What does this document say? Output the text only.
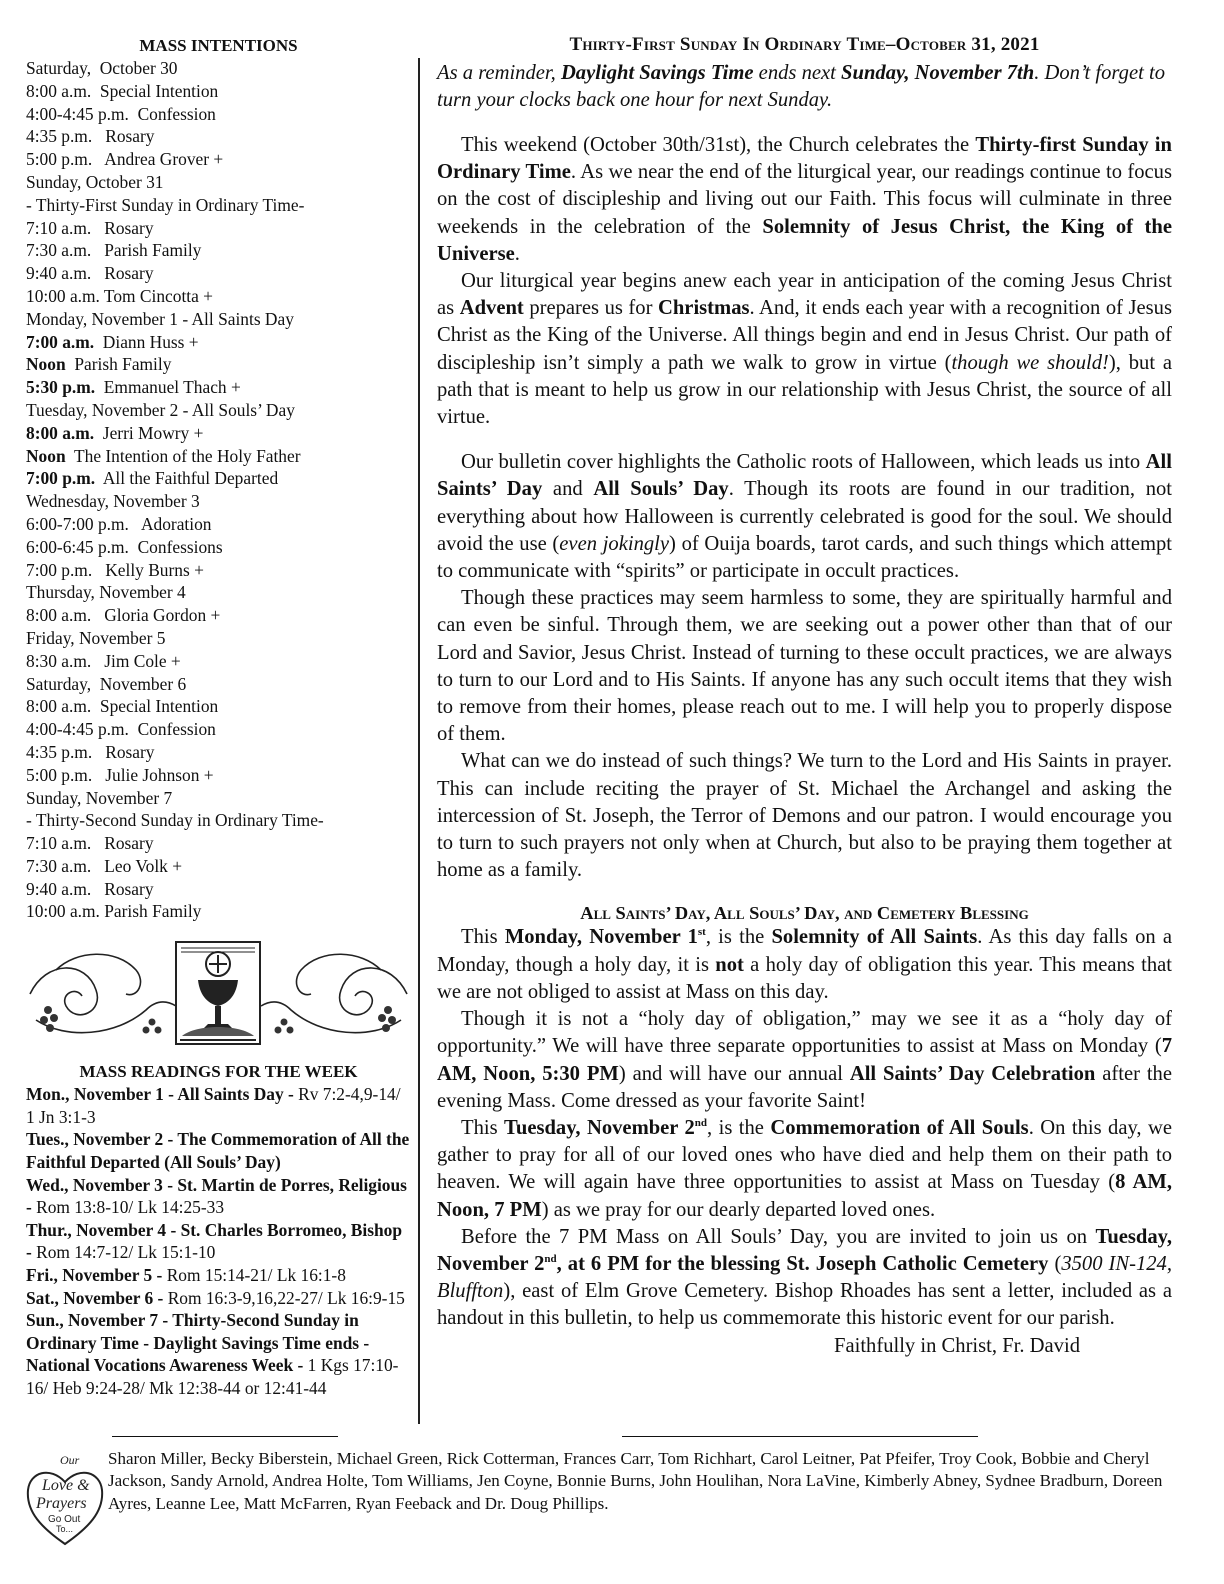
MASS INTENTIONS
Saturday,  October 30
8:00 a.m.  Special Intention
4:00-4:45 p.m.  Confession
4:35 p.m.   Rosary
5:00 p.m.   Andrea Grover +
Sunday, October 31
- Thirty-First Sunday in Ordinary Time-
7:10 a.m.   Rosary
7:30 a.m.   Parish Family
9:40 a.m.   Rosary
10:00 a.m. Tom Cincotta +
Monday, November 1 - All Saints Day
7:00 a.m.  Diann Huss +
Noon  Parish Family
5:30 p.m.  Emmanuel Thach +
Tuesday, November 2 - All Souls’ Day
8:00 a.m.  Jerri Mowry +
Noon  The Intention of the Holy Father
7:00 p.m.  All the Faithful Departed
Wednesday, November 3
6:00-7:00 p.m.   Adoration
6:00-6:45 p.m.  Confessions
7:00 p.m.   Kelly Burns +
Thursday, November 4
8:00 a.m.   Gloria Gordon +
Friday, November 5
8:30 a.m.   Jim Cole +
Saturday,  November 6
8:00 a.m.  Special Intention
4:00-4:45 p.m.  Confession
4:35 p.m.   Rosary
5:00 p.m.   Julie Johnson +
Sunday, November 7
- Thirty-Second Sunday in Ordinary Time-
7:10 a.m.   Rosary
7:30 a.m.   Leo Volk +
9:40 a.m.   Rosary
10:00 a.m. Parish Family
MASS READINGS FOR THE WEEK
Mon., November 1 - All Saints Day - Rv 7:2-4,9-14/ 1 Jn 3:1-3
Tues., November 2 - The Commemoration of All the Faithful Departed (All Souls’ Day)
Wed., November 3 - St. Martin de Porres, Religious - Rom 13:8-10/ Lk 14:25-33
Thur., November 4 - St. Charles Borromeo, Bishop - Rom 14:7-12/ Lk 15:1-10
Fri., November 5 - Rom 15:14-21/ Lk 16:1-8
Sat., November 6 - Rom 16:3-9,16,22-27/ Lk 16:9-15
Sun., November 7 - Thirty-Second Sunday in Ordinary Time - Daylight Savings Time ends - National Vocations Awareness Week - 1 Kgs 17:10-16/ Heb 9:24-28/ Mk 12:38-44 or 12:41-44
Thirty-First Sunday In Ordinary Time–October 31, 2021
As a reminder, Daylight Savings Time ends next Sunday, November 7th. Don’t forget to turn your clocks back one hour for next Sunday.

This weekend (October 30th/31st), the Church celebrates the Thirty-first Sunday in Ordinary Time. As we near the end of the liturgical year, our readings continue to focus on the cost of discipleship and living out our Faith. This focus will culminate in three weekends in the celebration of the Solemnity of Jesus Christ, the King of the Universe.

Our liturgical year begins anew each year in anticipation of the coming Jesus Christ as Advent prepares us for Christmas. And, it ends each year with a recognition of Jesus Christ as the King of the Universe. All things begin and end in Jesus Christ. Our path of discipleship isn’t simply a path we walk to grow in virtue (though we should!), but a path that is meant to help us grow in our relationship with Jesus Christ, the source of all virtue.

Our bulletin cover highlights the Catholic roots of Halloween, which leads us into All Saints’ Day and All Souls’ Day. Though its roots are found in our tradition, not everything about how Halloween is currently celebrated is good for the soul. We should avoid the use (even jokingly) of Ouija boards, tarot cards, and such things which attempt to communicate with “spirits” or participate in occult practices.

Though these practices may seem harmless to some, they are spiritually harmful and can even be sinful. Through them, we are seeking out a power other than that of our Lord and Savior, Jesus Christ. Instead of turning to these occult practices, we are always to turn to our Lord and to His Saints. If anyone has any such occult items that they wish to remove from their homes, please reach out to me. I will help you to properly dispose of them.

What can we do instead of such things? We turn to the Lord and His Saints in prayer. This can include reciting the prayer of St. Michael the Archangel and asking the intercession of St. Joseph, the Terror of Demons and our patron. I would encourage you to turn to such prayers not only when at Church, but also to be praying them together at home as a family.

All Saints’ Day, All Souls’ Day, and Cemetery Blessing

This Monday, November 1st, is the Solemnity of All Saints. As this day falls on a Monday, though a holy day, it is not a holy day of obligation this year. This means that we are not obliged to assist at Mass on this day.

Though it is not a “holy day of obligation,” may we see it as a “holy day of opportunity.” We will have three separate opportunities to assist at Mass on Monday (7 AM, Noon, 5:30 PM) and will have our annual All Saints’ Day Celebration after the evening Mass. Come dressed as your favorite Saint!

This Tuesday, November 2nd, is the Commemoration of All Souls. On this day, we gather to pray for all of our loved ones who have died and help them on their path to heaven. We will again have three opportunities to assist at Mass on Tuesday (8 AM, Noon, 7 PM) as we pray for our dearly departed loved ones.

Before the 7 PM Mass on All Souls’ Day, you are invited to join us on Tuesday, November 2nd, at 6 PM for the blessing St. Joseph Catholic Cemetery (3500 IN-124, Bluffton), east of Elm Grove Cemetery. Bishop Rhoades has sent a letter, included as a handout in this bulletin, to help us commemorate this historic event for our parish.

Faithfully in Christ, Fr. David
Our
Love &
Prayers
Go Out
To...
Sharon Miller, Becky Biberstein, Michael Green, Rick Cotterman, Frances Carr, Tom Richhart, Carol Leitner, Pat Pfeifer, Troy Cook, Bobbie and Cheryl Jackson, Sandy Arnold, Andrea Holte, Tom Williams, Jen Coyne, Bonnie Burns, John Houlihan, Nora LaVine, Kimberly Abney, Sydnee Bradburn, Doreen Ayres, Leanne Lee, Matt McFarren, Ryan Feeback and Dr. Doug Phillips.
